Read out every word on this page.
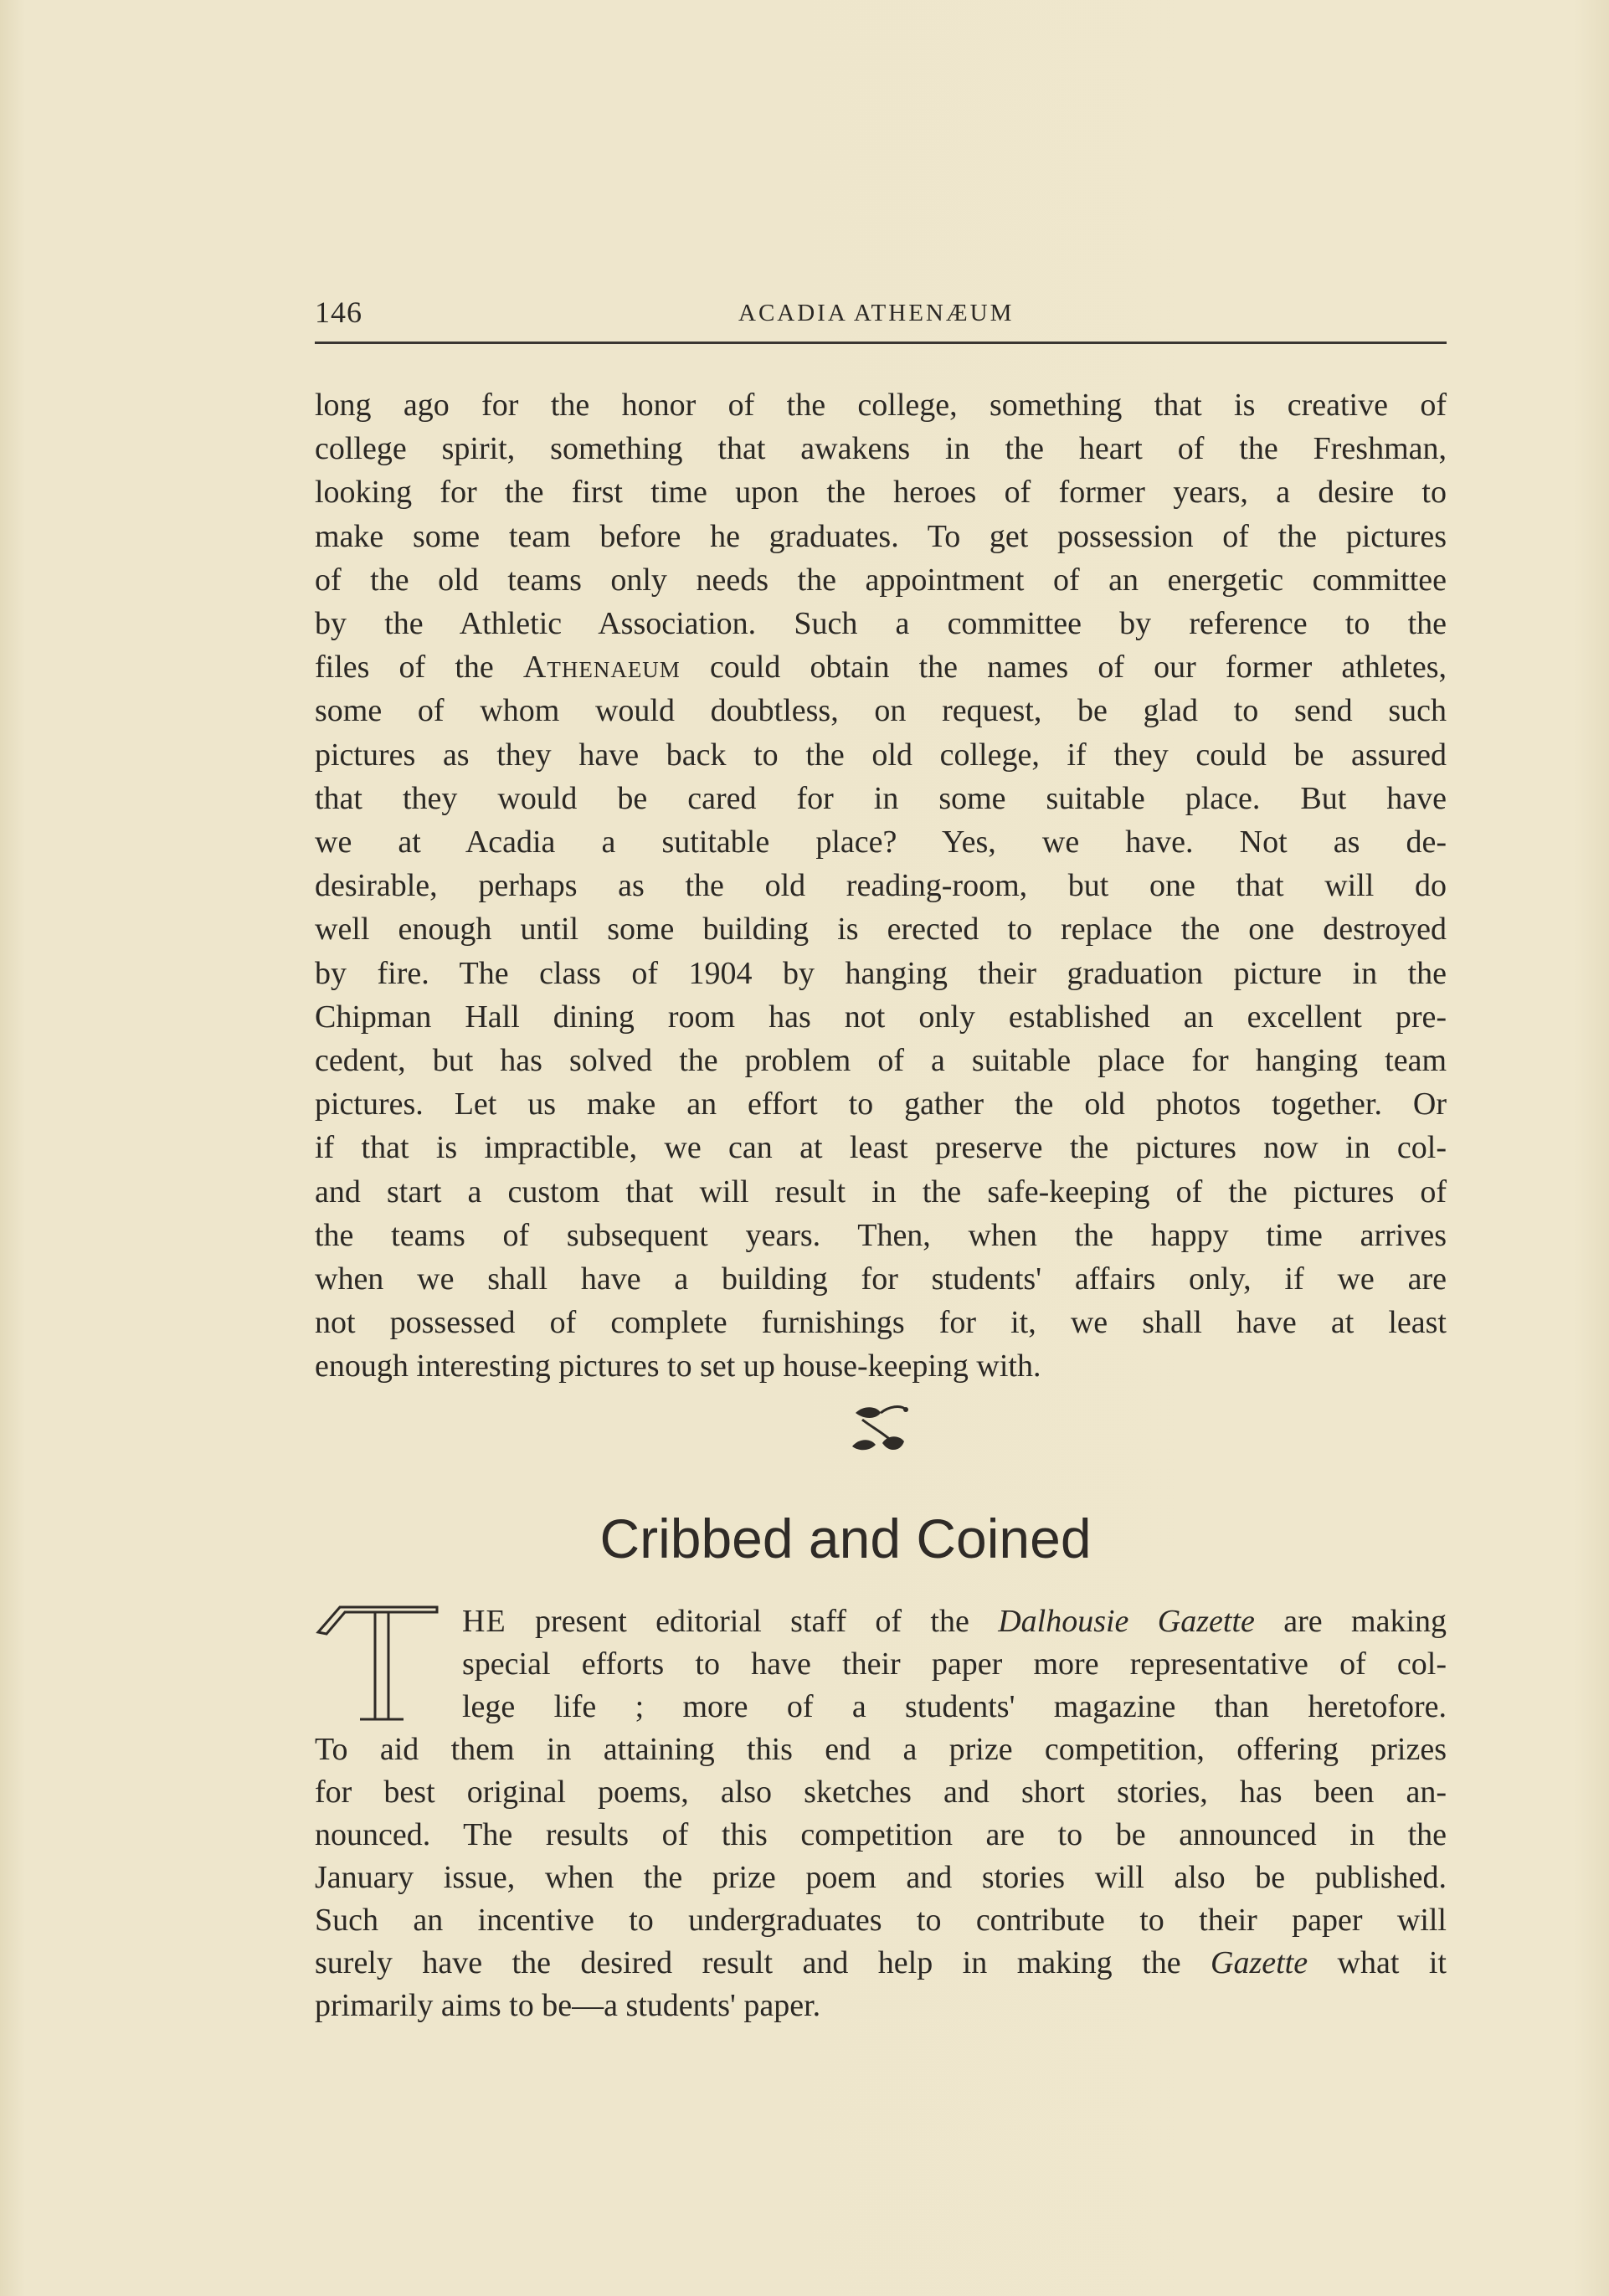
146	ACADIA ATHENÆUM
long ago for the honor of the college, something that is creative of
college spirit, something that awakens in the heart of the Freshman,
looking for the first time upon the heroes of former years, a desire to
make some team before he graduates. To get possession of the pictures
of the old teams only needs the appointment of an energetic committee
by the Athletic Association. Such a committee by reference to the
files of the Athenaeum could obtain the names of our former athletes,
some of whom would doubtless, on request, be glad to send such
pictures as they have back to the old college, if they could be assured
that they would be cared for in some suitable place. But have
we at Acadia a sutitable place? Yes, we have. Not as de-
desirable, perhaps as the old reading-room, but one that will do
well enough until some building is erected to replace the one destroyed
by fire. The class of 1904 by hanging their graduation picture in the
Chipman Hall dining room has not only established an excellent pre-
cedent, but has solved the problem of a suitable place for hanging team
pictures. Let us make an effort to gather the old photos together. Or
if that is impractible, we can at least preserve the pictures now in col-
and start a custom that will result in the safe-keeping of the pictures of
the teams of subsequent years. Then, when the happy time arrives
when we shall have a building for students' affairs only, if we are
not possessed of complete furnishings for it, we shall have at least
enough interesting pictures to set up house-keeping with.
Cribbed and Coined
HE present editorial staff of the Dalhousie Gazette are making
special efforts to have their paper more representative of col-
lege life ; more of a students' magazine than heretofore.
To aid them in attaining this end a prize competition, offering prizes
for best original poems, also sketches and short stories, has been an-
nounced. The results of this competition are to be announced in the
January issue, when the prize poem and stories will also be published.
Such an incentive to undergraduates to contribute to their paper will
surely have the desired result and help in making the Gazette what it
primarily aims to be—a students' paper.
